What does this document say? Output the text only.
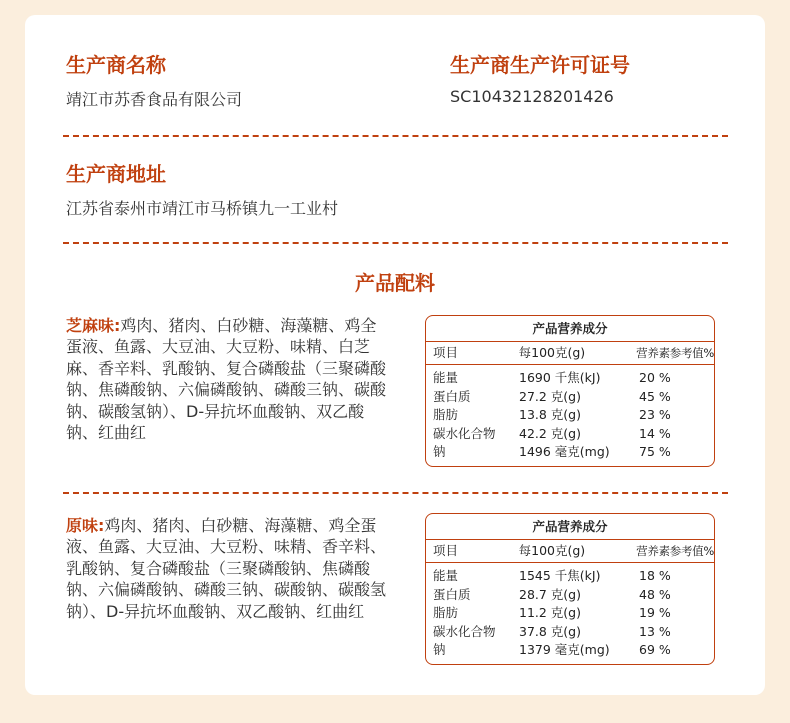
生产商名称
靖江市苏香食品有限公司
生产商生产许可证号
SC10432128201426
生产商地址
江苏省泰州市靖江市马桥镇九一工业村
产品配料
芝麻味:鸡肉、猪肉、白砂糖、海藻糖、鸡全蛋液、鱼露、大豆油、大豆粉、味精、白芝麻、香辛料、乳酸钠、复合磷酸盐（三聚磷酸钠、焦磷酸钠、六偏磷酸钠、磷酸三钠、碳酸钠、碳酸氢钠）、D-异抗坏血酸钠、双乙酸钠、红曲红
产品营养成分
项目	每100克(g)	营养素参考值%
能量	1690 千焦(kJ)	20 %
蛋白质	27.2 克(g)	45 %
脂肪	13.8 克(g)	23 %
碳水化合物	42.2 克(g)	14 %
钠	1496 毫克(mg)	75 %
原味:鸡肉、猪肉、白砂糖、海藻糖、鸡全蛋液、鱼露、大豆油、大豆粉、味精、香辛料、乳酸钠、复合磷酸盐（三聚磷酸钠、焦磷酸钠、六偏磷酸钠、磷酸三钠、碳酸钠、碳酸氢钠）、D-异抗坏血酸钠、双乙酸钠、红曲红
产品营养成分
项目	每100克(g)	营养素参考值%
能量	1545 千焦(kJ)	18 %
蛋白质	28.7 克(g)	48 %
脂肪	11.2 克(g)	19 %
碳水化合物	37.8 克(g)	13 %
钠	1379 毫克(mg)	69 %
